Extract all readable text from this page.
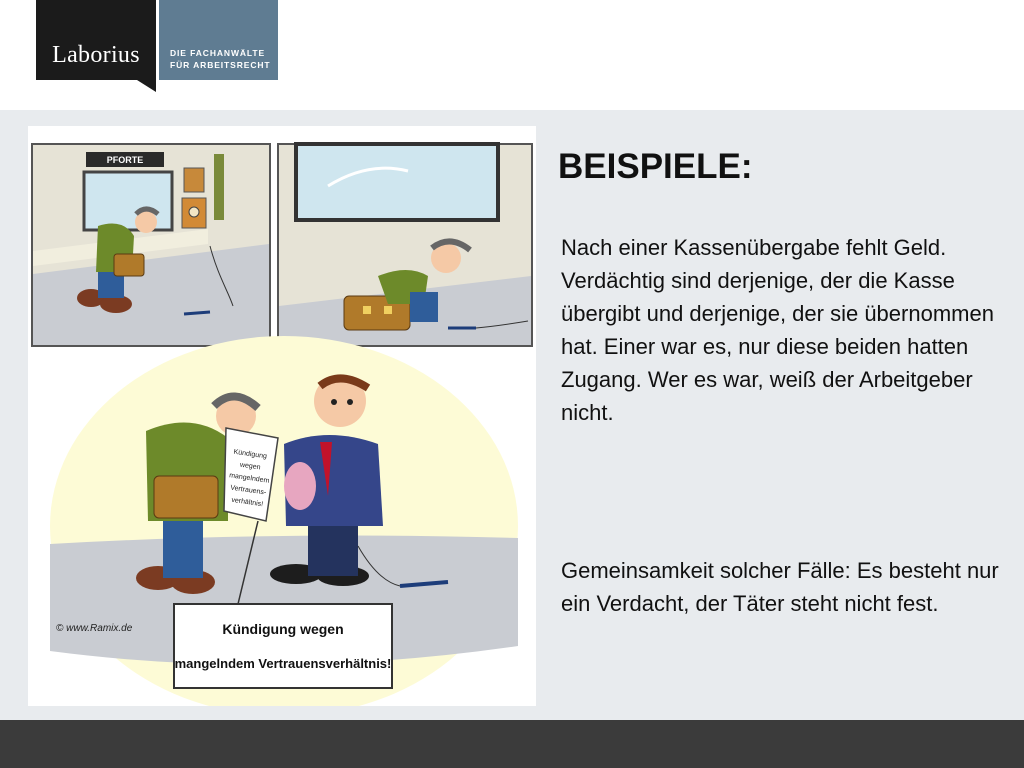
Laborius	DIE FACHANWÄLTE
FÜR ARBEITSRECHT
PFORTE
Kündigung
wegen
mangelndem
Vertrauens-
verhältnis!
© www.Ramix.de	Kündigung wegen
mangelndem Vertrauensverhältnis!
BEISPIELE:

Nach einer Kassenübergabe fehlt Geld. Verdächtig sind derjenige, der die Kasse übergibt und derjenige, der sie übernommen hat. Einer war es, nur diese beiden hatten Zugang. Wer es war, weiß der Arbeitgeber nicht.

Gemeinsamkeit solcher Fälle: Es besteht nur ein Verdacht, der Täter steht nicht fest.
